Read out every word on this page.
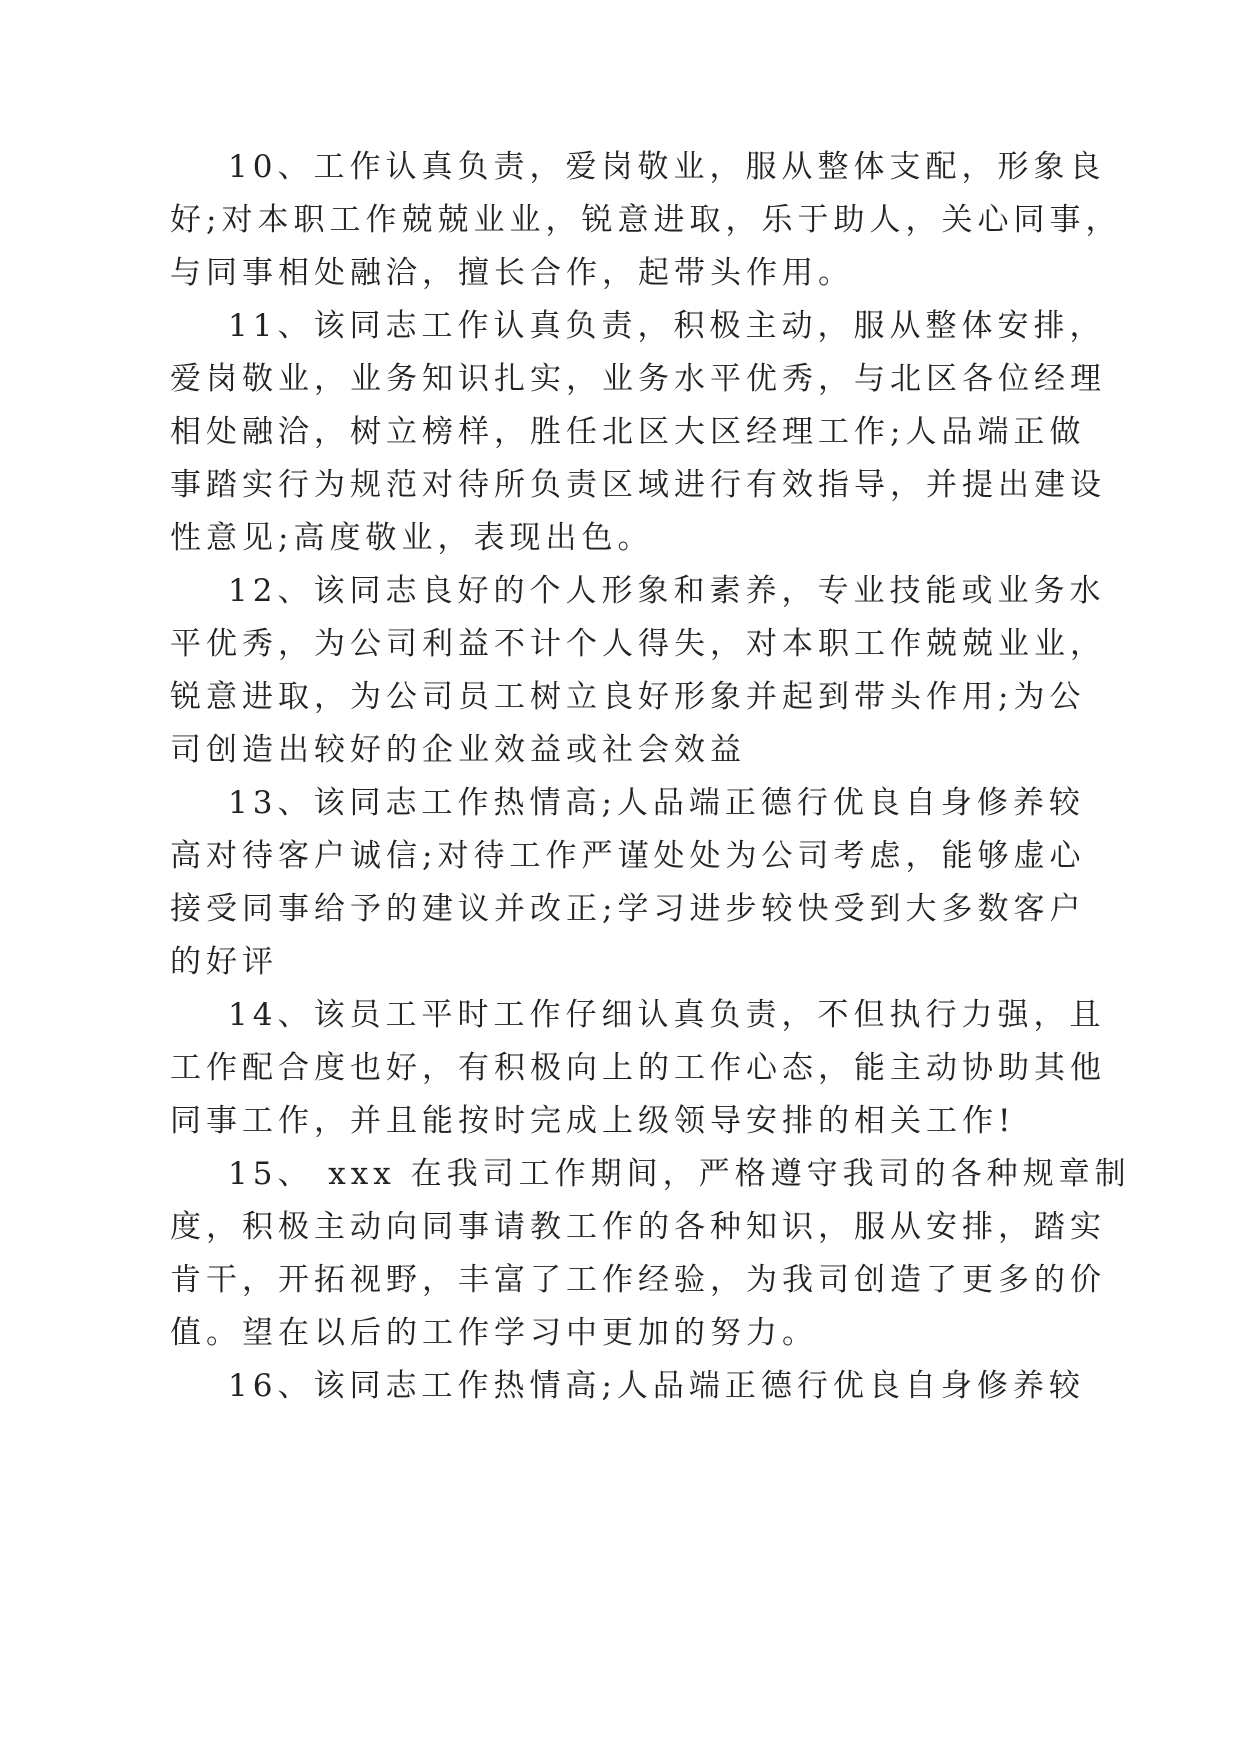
10、工作认真负责，爱岗敬业，服从整体支配，形象良
好;对本职工作兢兢业业，锐意进取，乐于助人，关心同事，
与同事相处融洽，擅长合作，起带头作用。
11、该同志工作认真负责，积极主动，服从整体安排，
爱岗敬业，业务知识扎实，业务水平优秀，与北区各位经理
相处融洽，树立榜样，胜任北区大区经理工作;人品端正做
事踏实行为规范对待所负责区域进行有效指导，并提出建设
性意见;高度敬业，表现出色。
12、该同志良好的个人形象和素养，专业技能或业务水
平优秀，为公司利益不计个人得失，对本职工作兢兢业业，
锐意进取，为公司员工树立良好形象并起到带头作用;为公
司创造出较好的企业效益或社会效益
13、该同志工作热情高;人品端正德行优良自身修养较
高对待客户诚信;对待工作严谨处处为公司考虑，能够虚心
接受同事给予的建议并改正;学习进步较快受到大多数客户
的好评
14、该员工平时工作仔细认真负责，不但执行力强，且
工作配合度也好，有积极向上的工作心态，能主动协助其他
同事工作，并且能按时完成上级领导安排的相关工作!
15、 xxx 在我司工作期间，严格遵守我司的各种规章制
度，积极主动向同事请教工作的各种知识，服从安排，踏实
肯干，开拓视野，丰富了工作经验，为我司创造了更多的价
值。望在以后的工作学习中更加的努力。
16、该同志工作热情高;人品端正德行优良自身修养较
